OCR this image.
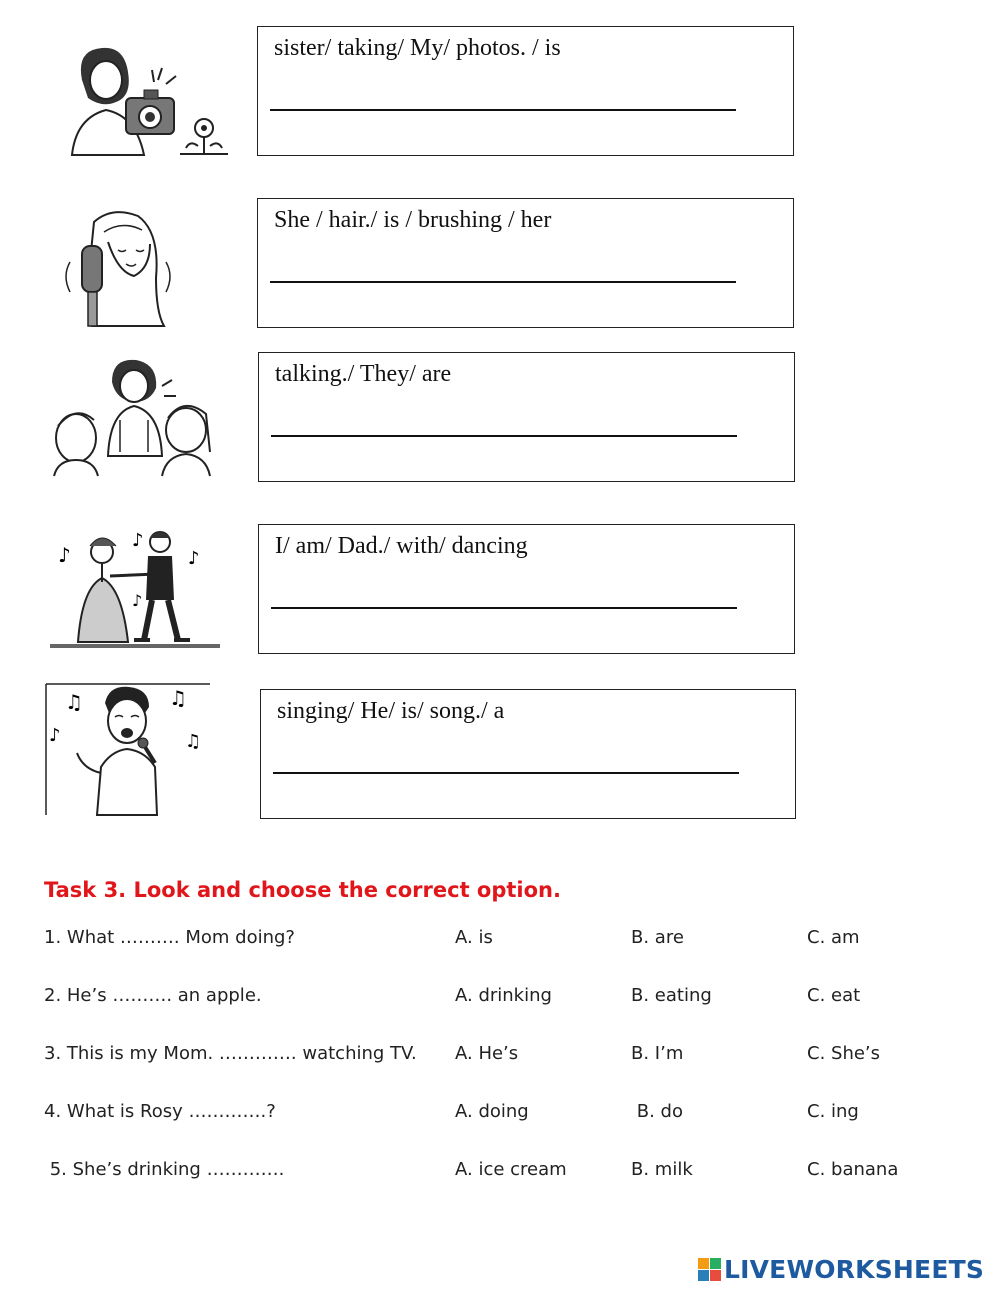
sister/ taking/ My/ photos. / is
She / hair./ is / brushing / her
talking./ They/ are
♪
♪
♪
♪
I/ am/ Dad./ with/ dancing
♫
♪
♫
♫
singing/ He/ is/ song./ a
Task 3. Look and choose the correct option.
1. What ………. Mom doing?	A. is	B. are	C. am
2. He’s ………. an apple.	A. drinking	B. eating	C. eat
3. This is my Mom. …………. watching TV. A. He’s	B. I’m	C. She’s
4. What is Rosy ………….?	A. doing	B. do	C. ing
5. She’s drinking ………….	A. ice cream	B. milk	C. banana
LIVEWORKSHEETS
